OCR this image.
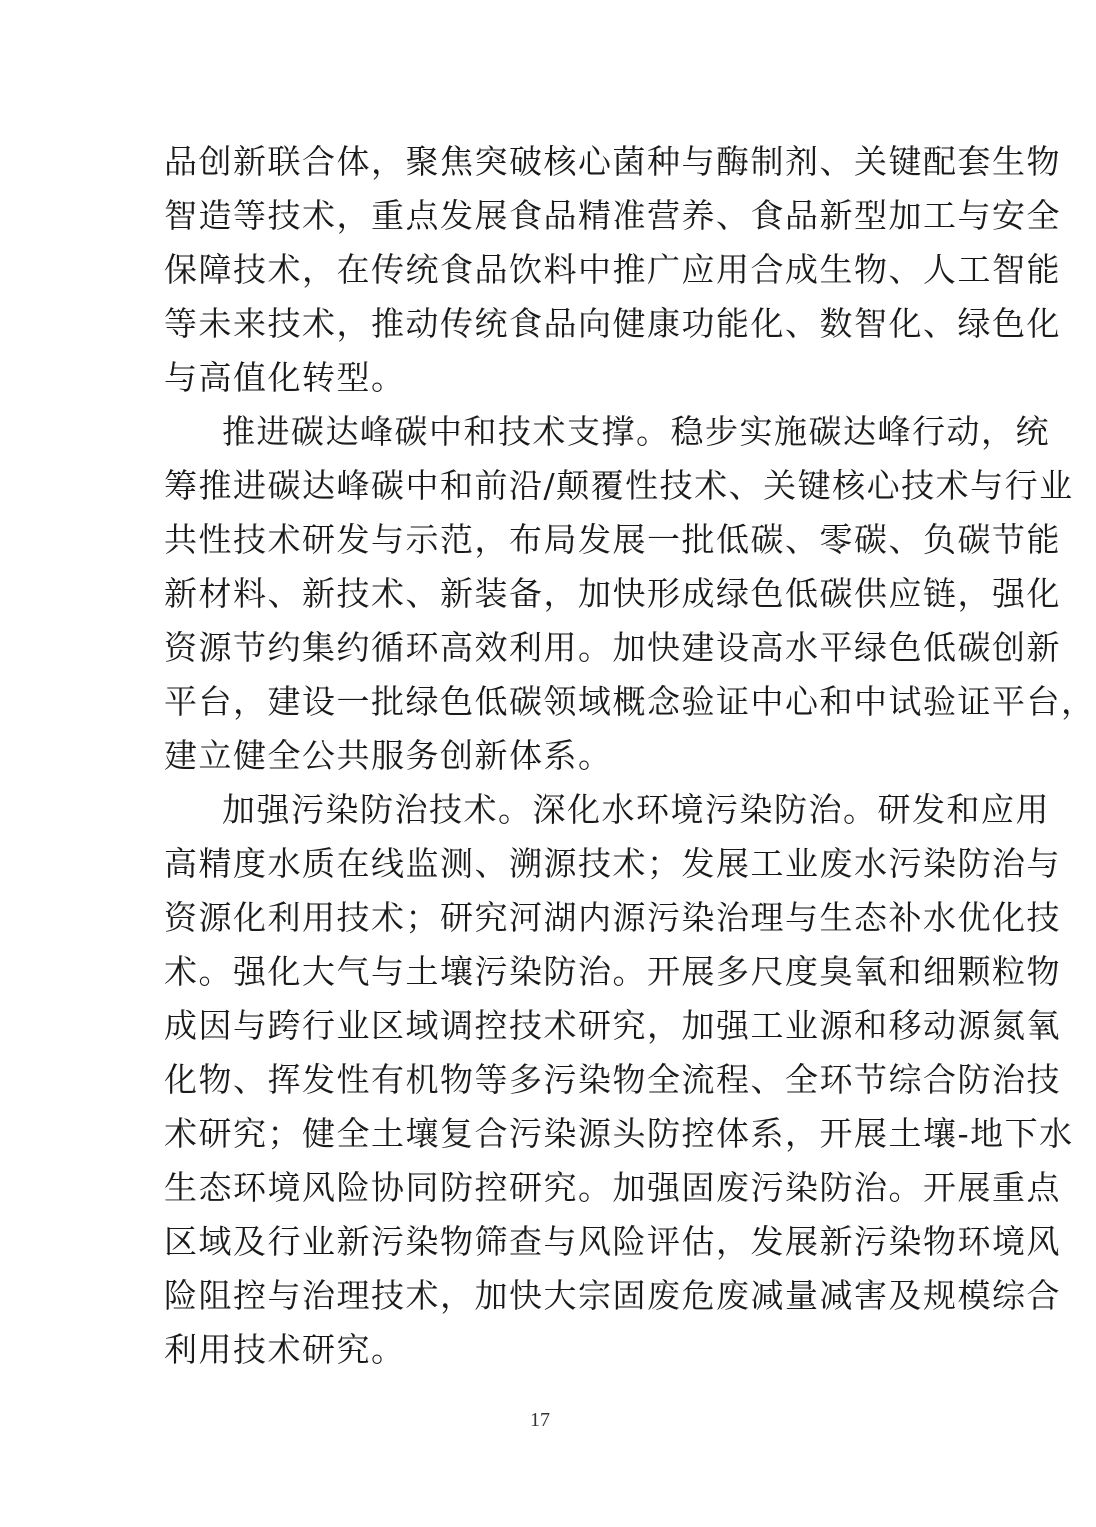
品创新联合体，聚焦突破核心菌种与酶制剂、关键配套生物
智造等技术，重点发展食品精准营养、食品新型加工与安全
保障技术，在传统食品饮料中推广应用合成生物、人工智能
等未来技术，推动传统食品向健康功能化、数智化、绿色化
与高值化转型。
推进碳达峰碳中和技术支撑。稳步实施碳达峰行动，统
筹推进碳达峰碳中和前沿/颠覆性技术、关键核心技术与行业
共性技术研发与示范，布局发展一批低碳、零碳、负碳节能
新材料、新技术、新装备，加快形成绿色低碳供应链，强化
资源节约集约循环高效利用。加快建设高水平绿色低碳创新
平台，建设一批绿色低碳领域概念验证中心和中试验证平台，
建立健全公共服务创新体系。
加强污染防治技术。深化水环境污染防治。研发和应用
高精度水质在线监测、溯源技术；发展工业废水污染防治与
资源化利用技术；研究河湖内源污染治理与生态补水优化技
术。强化大气与土壤污染防治。开展多尺度臭氧和细颗粒物
成因与跨行业区域调控技术研究，加强工业源和移动源氮氧
化物、挥发性有机物等多污染物全流程、全环节综合防治技
术研究；健全土壤复合污染源头防控体系，开展土壤-地下水
生态环境风险协同防控研究。加强固废污染防治。开展重点
区域及行业新污染物筛查与风险评估，发展新污染物环境风
险阻控与治理技术，加快大宗固废危废减量减害及规模综合
利用技术研究。
17
